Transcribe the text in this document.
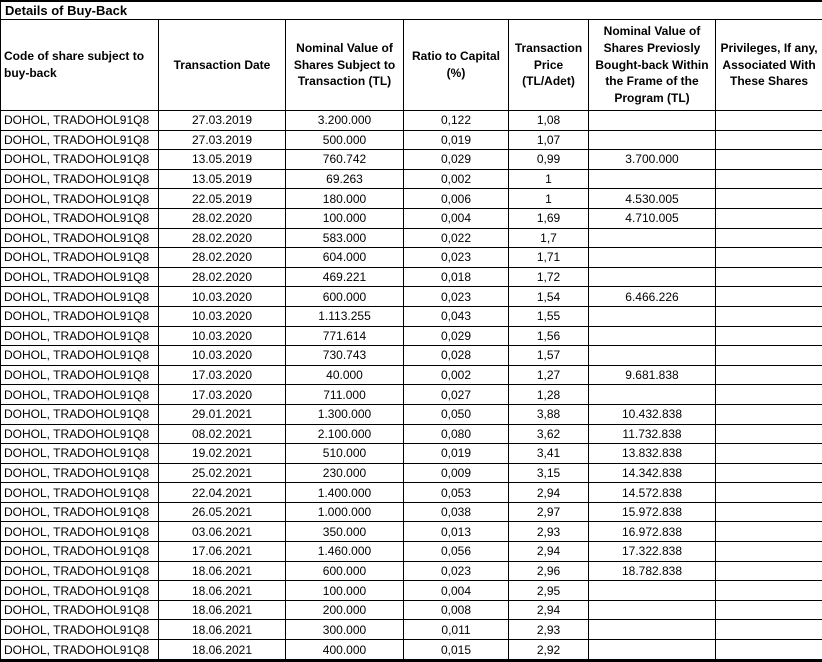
Details of Buy-Back						
Code of share subject to buy-back	Transaction Date	Nominal Value of Shares Subject to Transaction (TL)	Ratio to Capital (%)	Transaction Price (TL/Adet)	Nominal Value of Shares Previosly Bought-back Within the Frame of the Program (TL)	Privileges, If any, Associated With These Shares
DOHOL, TRADOHOL91Q8	27.03.2019	3.200.000	0,122	1,08		
DOHOL, TRADOHOL91Q8	27.03.2019	500.000	0,019	1,07		
DOHOL, TRADOHOL91Q8	13.05.2019	760.742	0,029	0,99	3.700.000	
DOHOL, TRADOHOL91Q8	13.05.2019	69.263	0,002	1		
DOHOL, TRADOHOL91Q8	22.05.2019	180.000	0,006	1	4.530.005	
DOHOL, TRADOHOL91Q8	28.02.2020	100.000	0,004	1,69	4.710.005	
DOHOL, TRADOHOL91Q8	28.02.2020	583.000	0,022	1,7		
DOHOL, TRADOHOL91Q8	28.02.2020	604.000	0,023	1,71		
DOHOL, TRADOHOL91Q8	28.02.2020	469.221	0,018	1,72		
DOHOL, TRADOHOL91Q8	10.03.2020	600.000	0,023	1,54	6.466.226	
DOHOL, TRADOHOL91Q8	10.03.2020	1.113.255	0,043	1,55		
DOHOL, TRADOHOL91Q8	10.03.2020	771.614	0,029	1,56		
DOHOL, TRADOHOL91Q8	10.03.2020	730.743	0,028	1,57		
DOHOL, TRADOHOL91Q8	17.03.2020	40.000	0,002	1,27	9.681.838	
DOHOL, TRADOHOL91Q8	17.03.2020	711.000	0,027	1,28		
DOHOL, TRADOHOL91Q8	29.01.2021	1.300.000	0,050	3,88	10.432.838	
DOHOL, TRADOHOL91Q8	08.02.2021	2.100.000	0,080	3,62	11.732.838	
DOHOL, TRADOHOL91Q8	19.02.2021	510.000	0,019	3,41	13.832.838	
DOHOL, TRADOHOL91Q8	25.02.2021	230.000	0,009	3,15	14.342.838	
DOHOL, TRADOHOL91Q8	22.04.2021	1.400.000	0,053	2,94	14.572.838	
DOHOL, TRADOHOL91Q8	26.05.2021	1.000.000	0,038	2,97	15.972.838	
DOHOL, TRADOHOL91Q8	03.06.2021	350.000	0,013	2,93	16.972.838	
DOHOL, TRADOHOL91Q8	17.06.2021	1.460.000	0,056	2,94	17.322.838	
DOHOL, TRADOHOL91Q8	18.06.2021	600.000	0,023	2,96	18.782.838	
DOHOL, TRADOHOL91Q8	18.06.2021	100.000	0,004	2,95		
DOHOL, TRADOHOL91Q8	18.06.2021	200.000	0,008	2,94		
DOHOL, TRADOHOL91Q8	18.06.2021	300.000	0,011	2,93		
DOHOL, TRADOHOL91Q8	18.06.2021	400.000	0,015	2,92		
